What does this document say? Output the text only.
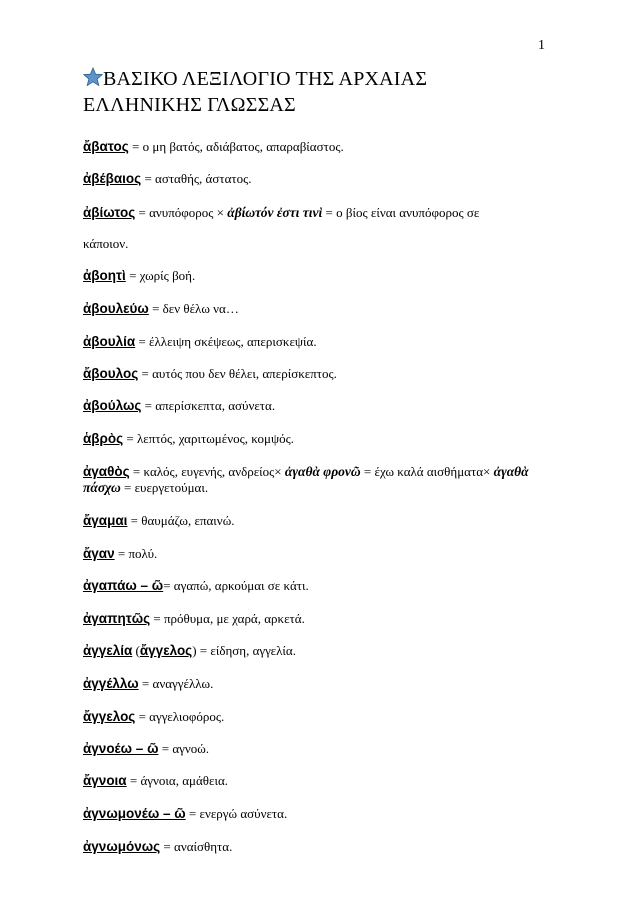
1
ΒΑΣΙΚΟ ΛΕΞΙΛΟΓΙΟ ΤΗΣ ΑΡΧΑΙΑΣ
ΕΛΛΗΝΙΚΗΣ ΓΛΩΣΣΑΣ
ἄβατος = ο μη βατός, αδιάβατος, απαραβίαστος.
ἀβέβαιος = ασταθής, άστατος.
ἀβίωτος = ανυπόφορος × ἀβίωτόν ἐστι τινὶ = ο βίος είναι ανυπόφορος σε
κάποιον.
ἀβοητὶ = χωρίς βοή.
ἀβουλεύω = δεν θέλω να…
ἀβουλία = έλλειψη σκέψεως, απερισκεψία.
ἄβουλος = αυτός που δεν θέλει, απερίσκεπτος.
ἀβούλως = απερίσκεπτα, ασύνετα.
ἁβρὸς = λεπτός, χαριτωμένος, κομψός.
ἀγαθὸς = καλός, ευγενής, ανδρείος× ἀγαθὰ φρονῶ = έχω καλά αισθήματα× ἀγαθὰ
πάσχω = ευεργετούμαι.
ἄγαμαι = θαυμάζω, επαινώ.
ἄγαν = πολύ.
ἀγαπάω – ῶ= αγαπώ, αρκούμαι σε κάτι.
ἀγαπητῶς = πρόθυμα, με χαρά, αρκετά.
ἀγγελία (ἄγγελος) = είδηση, αγγελία.
ἀγγέλλω = αναγγέλλω.
ἄγγελος = αγγελιοφόρος.
ἀγνοέω – ῶ = αγνοώ.
ἄγνοια = άγνοια, αμάθεια.
ἀγνωμονέω – ῶ = ενεργώ ασύνετα.
ἀγνωμόνως = αναίσθητα.
